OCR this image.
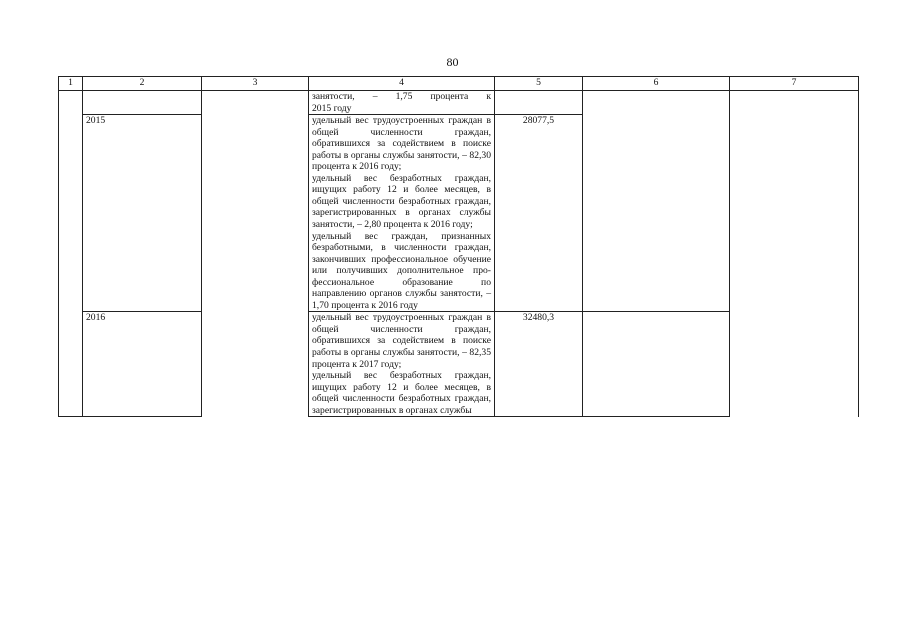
80
1	2	3	4	5	6	7

			занятости, – 1,75 процента к
2015 году			

	2015		удельный вес трудоустроенных граждан в общей численности граждан, обратившихся за содействием в поиске работы в органы службы занятости, – 82,30 процента к 2016 году;
удельный вес безработных граждан, ищущих работу 12 и более месяцев, в общей численности безработных граждан, зарегистрированных в органах службы занятости, – 2,80 процента к 2016 году;
удельный вес граждан, признанных безработными, в численности граждан, закончивших профессиональное обучение или получивших дополнительное профессиональное образование по направлению органов службы занятости, – 1,70 процента к 2016 году	28077,5		
	2016		удельный вес трудоустроенных граждан в общей численности граждан, обратившихся за содействием в поиске работы в органы службы занятости, – 82,35 процента к 2017 году;
удельный вес безработных граждан, ищущих работу 12 и более месяцев, в общей численности безработных граждан, зарегистрированных в органах службы	32480,3		
